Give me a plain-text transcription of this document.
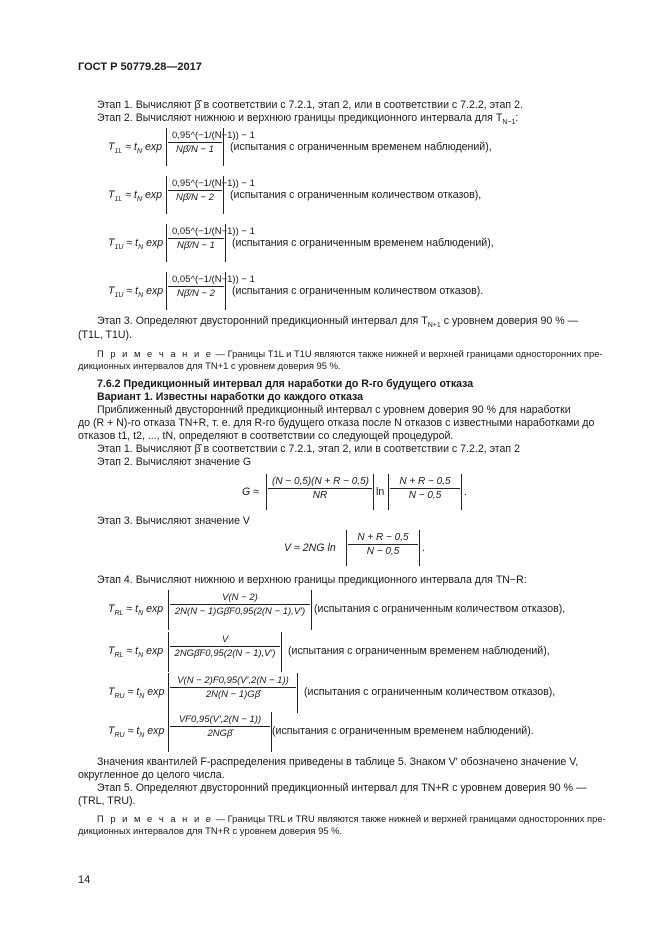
ГОСТ Р 50779.28—2017
Этап 1. Вычисляют β̂ в соответствии с 7.2.1, этап 2, или в соответствии с 7.2.2, этап 2.
Этап 2. Вычисляют нижнюю и верхнюю границы предикционного интервала для $T_{N-1}$:
$T_{1L} \approx t_N$ $\exp \frac{0,95\^{}(-1/(N-1)) - 1}{N\betâ/N - 1}$ (испытания с ограниченным временем наблюдений),
$T_{1L} \approx t_N$ $\exp \frac{0,95\^{}(-1/(N-1)) - 1}{N\betâ/N - 2}$ (испытания с ограниченным количеством отказов),
$T_{1U} \approx t_N$ $\exp \frac{0,05\^{}(-1/(N-1)) - 1}{N\betâ/N - 1}$ (испытания с ограниченным временем наблюдений),
$T_{1U} \approx t_N$ $\exp \frac{0,05\^{}(-1/(N-1)) - 1}{N\betâ/N - 2}$ (испытания с ограниченным количеством отказов).
Этап 3. Определяют двусторонний предикционный интервал для $T_{N+1}$ с уровнем доверия 90 % —
(T1L, T1U).
П р и м е ч а н и е — Границы T1L и T1U являются также нижней и верхней границами односторонних пре-
дикционных интервалов для TN+1 с уровнем доверия 95 %.
7.6.2 Предикционный интервал для наработки до R-го будущего отказа
Вариант 1. Известны наработки до каждого отказа
Приближенный двусторонний предикционный интервал с уровнем доверия 90 % для наработки
до (R + N)-го отказа TN+R, т. е. для R-го будущего отказа после N отказов с известными наработками до
отказов t1, t2, ..., tN, определяют в соответствии со следующей процедурой.
Этап 1. Вычисляют β̂ в соответствии с 7.2.1, этап 2, или в соответствии с 7.2.2, этап 2
Этап 2. Вычисляют значение G
$G \approx \frac{(N - 0,5)(N + R - 0,5)}{NR}$ $\ln \frac{N + R - 0,5}{N - 0,5}$ .
Этап 3. Вычисляют значение V
V ≈ 2NG $\ln \frac{N + R - 0,5}{N - 0,5}$ .
Этап 4. Вычисляют нижнюю и верхнюю границы предикционного интервала для TN−R:
$T_{RL} \approx t_N$ $\exp \frac{V(N - 2)}{2N(N - 1)G\betâF0,95(2(N - 1),V')}$ (испытания с ограниченным количеством отказов),
$T_{RL} \approx t_N$ exp
V
2NGβ̂F0,95(2(N − 1),V′)	(испытания с ограниченным временем наблюдений),
$T_{RU} \approx t_N$ $\exp \frac{V(N - 2)F0,95(V',2(N - 1))}{2N(N - 1)G\betâ}$ (испытания с ограниченным количеством отказов),
$T_{RU} \approx t_N$ exp
VF0,95(V′,2(N − 1))
2NGβ̂	(испытания с ограниченным временем наблюдений).
Значения квантилей F-распределения приведены в таблице 5. Знаком V′ обозначено значение V,
округленное до целого числа.
Этап 5. Определяют двусторонний предикционный интервал для TN+R с уровнем доверия 90 % —
(TRL, TRU).
П р и м е ч а н и е — Границы TRL и TRU являются также нижней и верхней границами односторонних пре-
дикционных интервалов для TN+R с уровнем доверия 95 %.
14
